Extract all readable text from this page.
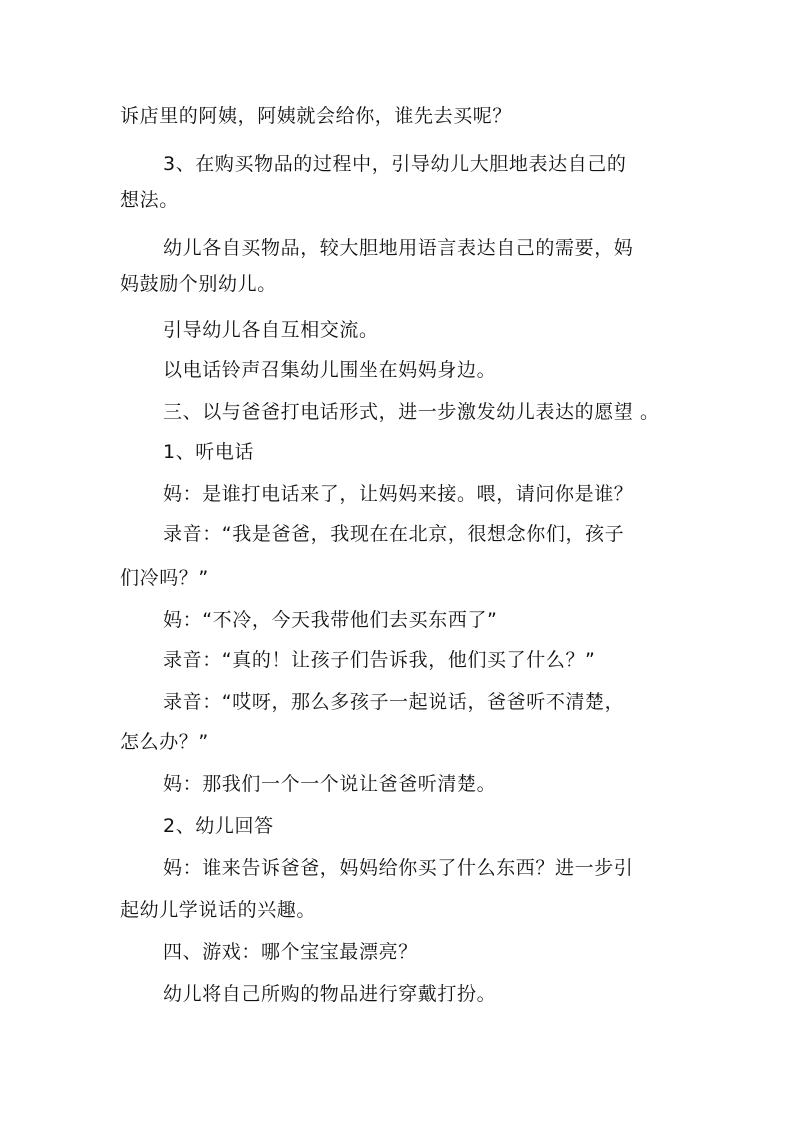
诉店里的阿姨，阿姨就会给你，谁先去买呢？
3、在购买物品的过程中，引导幼儿大胆地表达自己的
想法。
幼儿各自买物品，较大胆地用语言表达自己的需要，妈
妈鼓励个别幼儿。
引导幼儿各自互相交流。
以电话铃声召集幼儿围坐在妈妈身边。
三、以与爸爸打电话形式，进一步激发幼儿表达的愿望 。
1、听电话
妈：是谁打电话来了，让妈妈来接。喂，请问你是谁？
录音：“我是爸爸，我现在在北京，很想念你们，孩子
们冷吗？”
妈：“不冷，今天我带他们去买东西了”
录音：“真的！让孩子们告诉我，他们买了什么？”
录音：“哎呀，那么多孩子一起说话，爸爸听不清楚，
怎么办？”
妈：那我们一个一个说让爸爸听清楚。
2、幼儿回答
妈：谁来告诉爸爸，妈妈给你买了什么东西？进一步引
起幼儿学说话的兴趣。
四、游戏：哪个宝宝最漂亮？
幼儿将自己所购的物品进行穿戴打扮。
